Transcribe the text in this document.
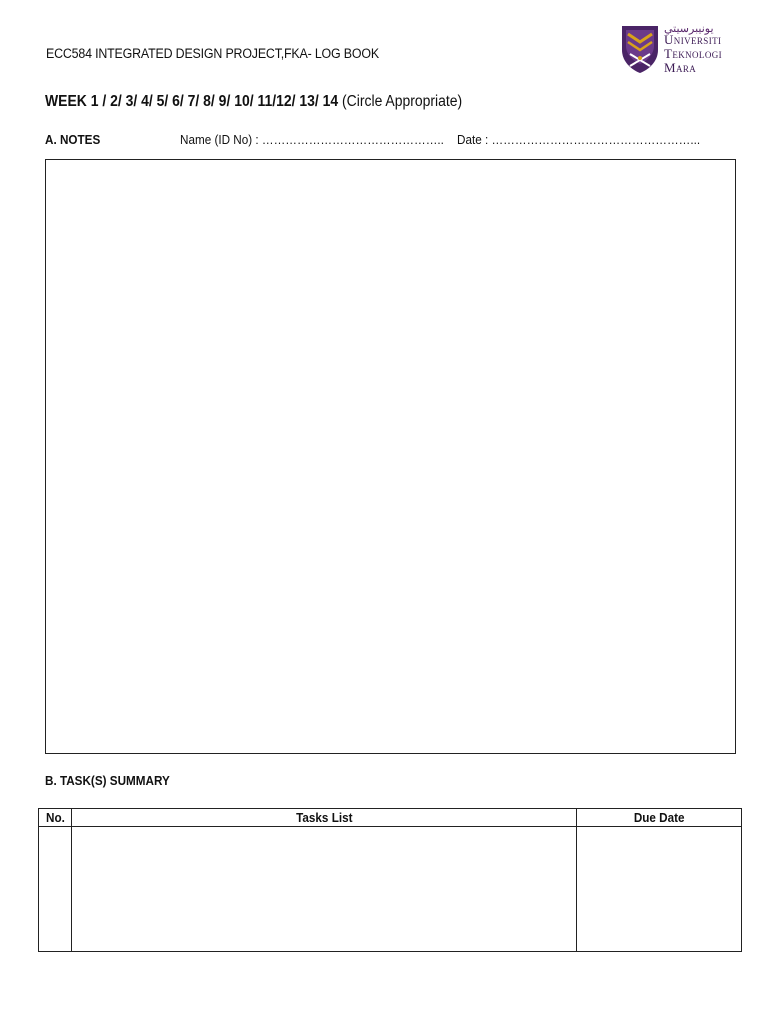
ECC584 INTEGRATED DESIGN PROJECT,FKA- LOG BOOK
ﯾﻮﻧﻴﺒﺮﺳﻴﺘﻲ
Universiti
Teknologi
Mara
WEEK 1 / 2/ 3/ 4/ 5/ 6/ 7/ 8/ 9/ 10/ 11/12/ 13/ 14 (Circle Appropriate)
A. NOTES	Name (ID No) : ……………………………………….. Date : ……………………………………………...
B. TASK(S) SUMMARY
No.	Tasks List	Due Date
